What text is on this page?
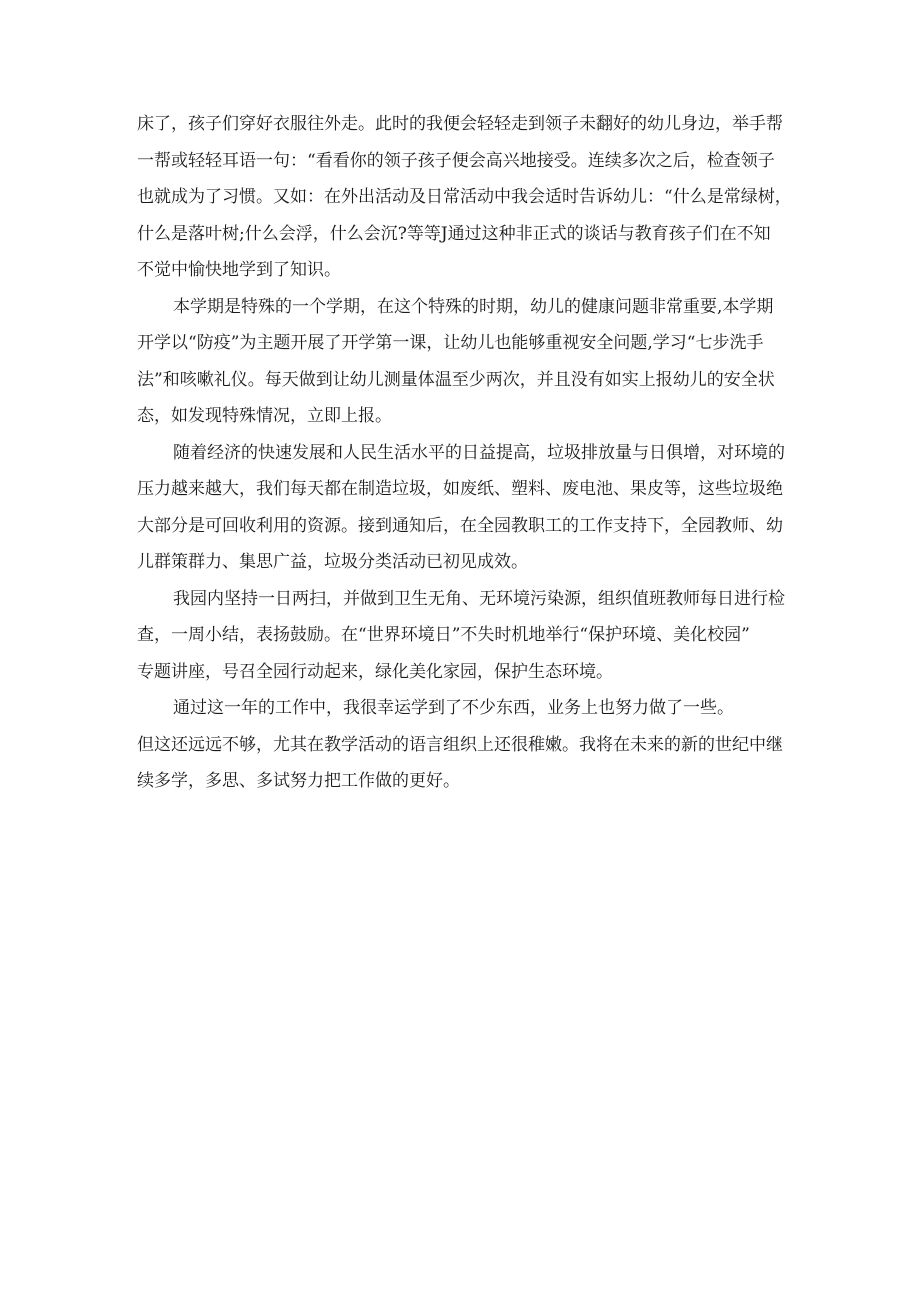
床了，孩子们穿好衣服往外走。此时的我便会轻轻走到领子未翻好的幼儿身边，举手帮
一帮或轻轻耳语一句：“看看你的领子孩子便会高兴地接受。连续多次之后，检查领子
也就成为了习惯。又如：在外出活动及日常活动中我会适时告诉幼儿：“什么是常绿树，
什么是落叶树;什么会浮，什么会沉?等等J通过这种非正式的谈话与教育孩子们在不知
不觉中愉快地学到了知识。
本学期是特殊的一个学期，在这个特殊的时期，幼儿的健康问题非常重要,本学期
开学以“防疫”为主题开展了开学第一课，让幼儿也能够重视安全问题,学习“七步洗手
法”和咳嗽礼仪。每天做到让幼儿测量体温至少两次，并且没有如实上报幼儿的安全状
态，如发现特殊情况，立即上报。
随着经济的快速发展和人民生活水平的日益提高，垃圾排放量与日俱增，对环境的
压力越来越大，我们每天都在制造垃圾，如废纸、塑料、废电池、果皮等，这些垃圾绝
大部分是可回收利用的资源。接到通知后，在全园教职工的工作支持下，全园教师、幼
儿群策群力、集思广益，垃圾分类活动已初见成效。
我园内坚持一日两扫，并做到卫生无角、无环境污染源，组织值班教师每日进行检
查，一周小结，表扬鼓励。在“世界环境日”不失时机地举行“保护环境、美化校园”
专题讲座，号召全园行动起来，绿化美化家园，保护生态环境。
通过这一年的工作中，我很幸运学到了不少东西，业务上也努力做了一些。
但这还远远不够，尤其在教学活动的语言组织上还很稚嫩。我将在未来的新的世纪中继
续多学，多思、多试努力把工作做的更好。
